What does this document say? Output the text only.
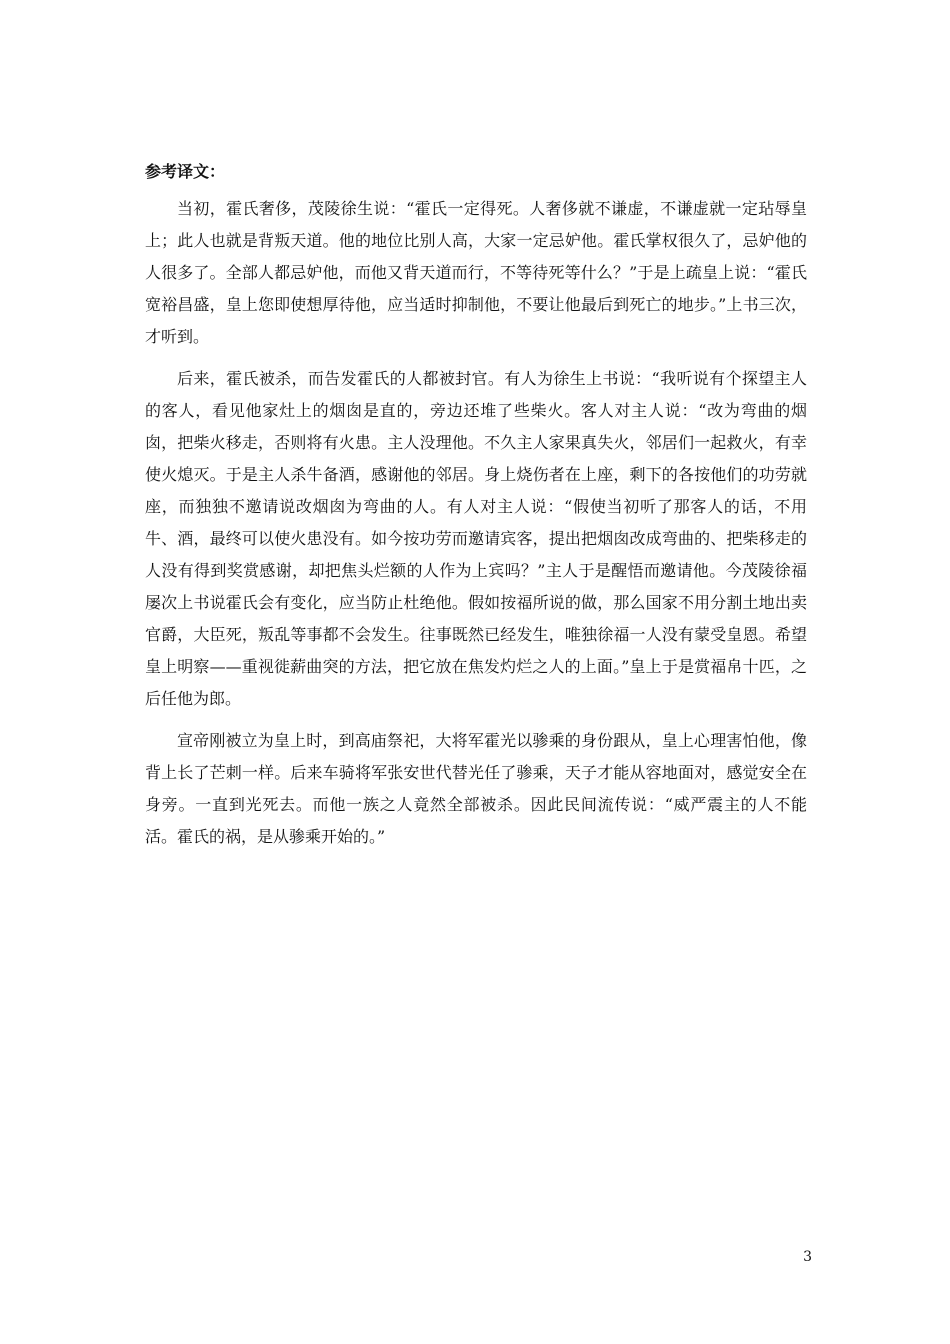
参考译文：

当初，霍氏奢侈，茂陵徐生说：“霍氏一定得死。人奢侈就不谦虚，不谦虚就一定玷辱皇上；此人也就是背叛天道。他的地位比别人高，大家一定忌妒他。霍氏掌权很久了，忌妒他的人很多了。全部人都忌妒他，而他又背天道而行，不等待死等什么？”于是上疏皇上说：“霍氏宽裕昌盛，皇上您即使想厚待他，应当适时抑制他，不要让他最后到死亡的地步。”上书三次，才听到。

后来，霍氏被杀，而告发霍氏的人都被封官。有人为徐生上书说：“我听说有个探望主人的客人，看见他家灶上的烟囱是直的，旁边还堆了些柴火。客人对主人说：“改为弯曲的烟囱，把柴火移走，否则将有火患。主人没理他。不久主人家果真失火，邻居们一起救火，有幸使火熄灭。于是主人杀牛备酒，感谢他的邻居。身上烧伤者在上座，剩下的各按他们的功劳就座，而独独不邀请说改烟囱为弯曲的人。有人对主人说：“假使当初听了那客人的话，不用牛、酒，最终可以使火患没有。如今按功劳而邀请宾客，提出把烟囱改成弯曲的、把柴移走的人没有得到奖赏感谢，却把焦头烂额的人作为上宾吗？”主人于是醒悟而邀请他。今茂陵徐福屡次上书说霍氏会有变化，应当防止杜绝他。假如按福所说的做，那么国家不用分割土地出卖官爵，大臣死，叛乱等事都不会发生。往事既然已经发生，唯独徐福一人没有蒙受皇恩。希望皇上明察——重视徙薪曲突的方法，把它放在焦发灼烂之人的上面。”皇上于是赏福帛十匹，之后任他为郎。

宣帝刚被立为皇上时，到高庙祭祀，大将军霍光以骖乘的身份跟从，皇上心理害怕他，像背上长了芒刺一样。后来车骑将军张安世代替光任了骖乘，天子才能从容地面对，感觉安全在身旁。一直到光死去。而他一族之人竟然全部被杀。因此民间流传说：“威严震主的人不能活。霍氏的祸，是从骖乘开始的。”

3
